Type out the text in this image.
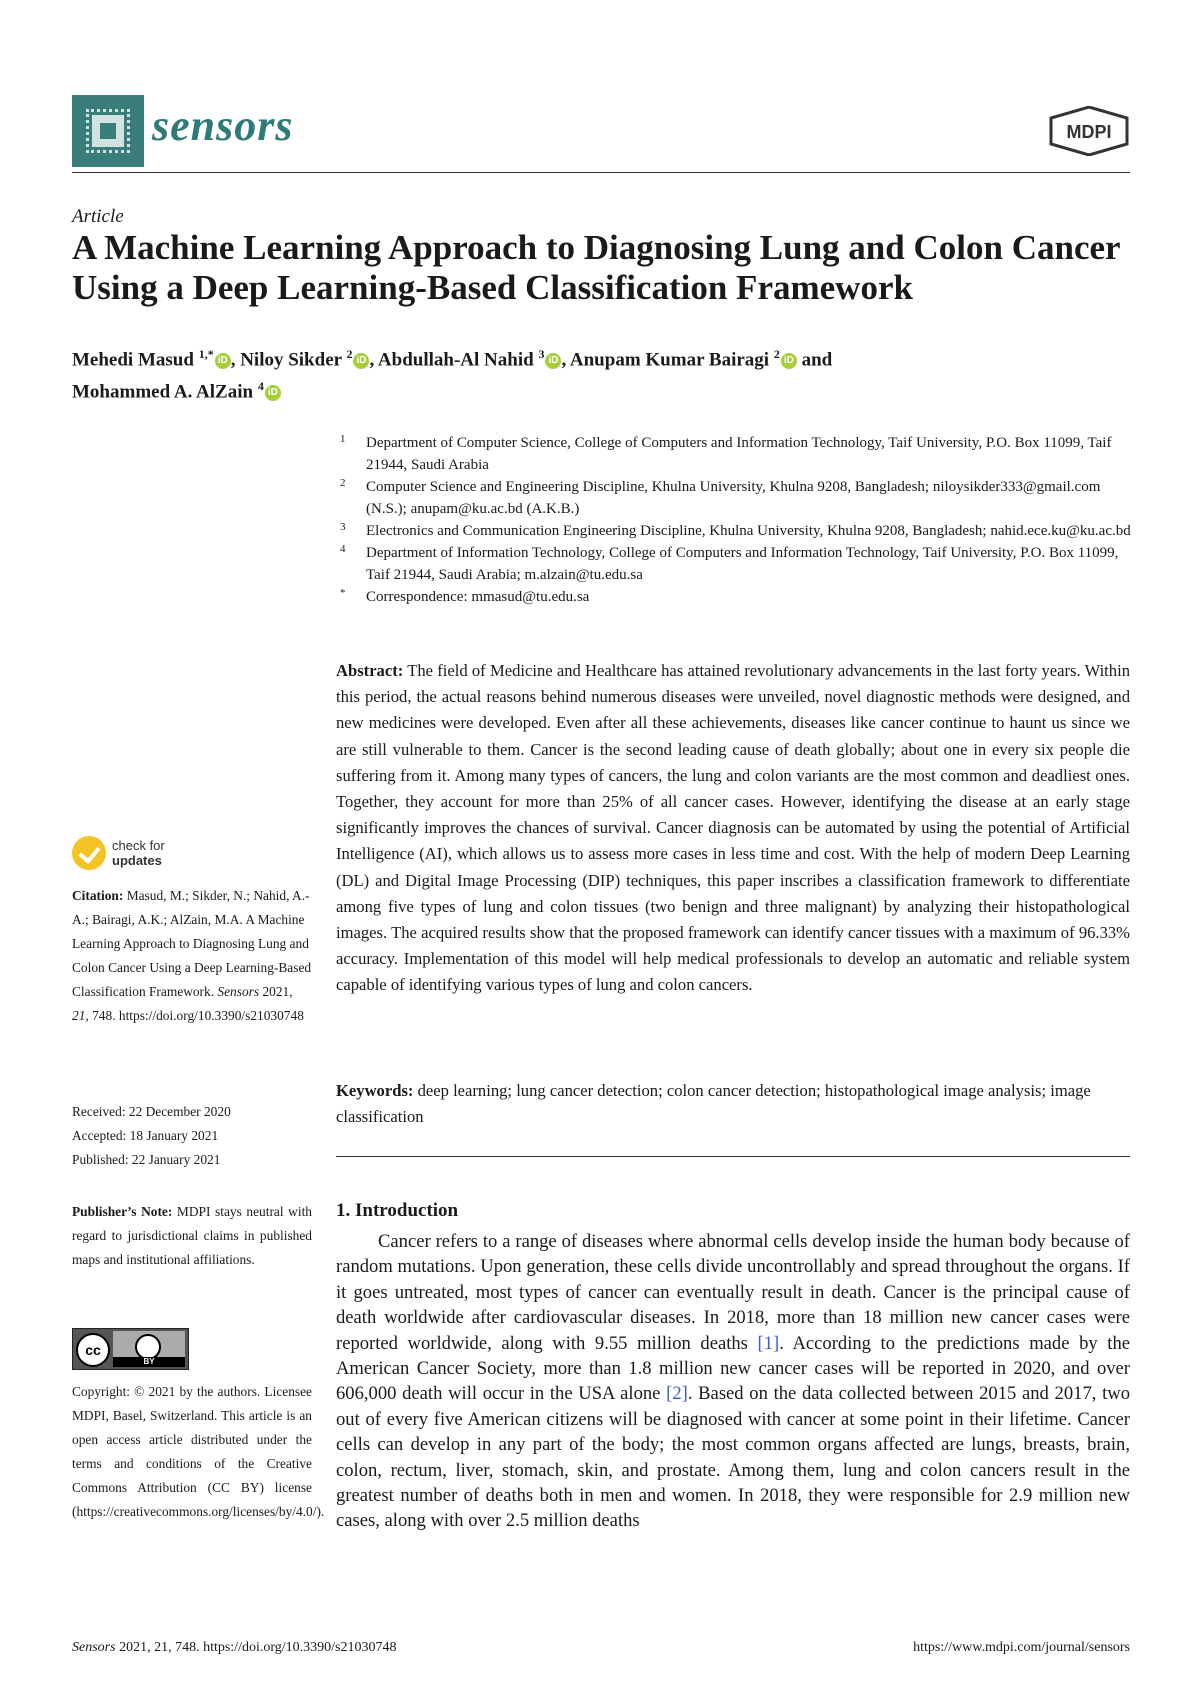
sensors	MDPI
Article
A Machine Learning Approach to Diagnosing Lung and Colon Cancer Using a Deep Learning-Based Classification Framework
Mehedi Masud $^{1,*}$ iD , Niloy Sikder $^2$ iD , Abdullah-Al Nahid $^3$ iD , Anupam Kumar Bairagi $^2$ iD and
Mohammed A. AlZain $^4$ iD
1 Department of Computer Science, College of Computers and Information Technology, Taif University, P.O. Box 11099, Taif 21944, Saudi Arabia
2 Computer Science and Engineering Discipline, Khulna University, Khulna 9208, Bangladesh; niloysikder333@gmail.com (N.S.); anupam@ku.ac.bd (A.K.B.)
3 Electronics and Communication Engineering Discipline, Khulna University, Khulna 9208, Bangladesh; nahid.ece.ku@ku.ac.bd
4 Department of Information Technology, College of Computers and Information Technology, Taif University, P.O. Box 11099, Taif 21944, Saudi Arabia; m.alzain@tu.edu.sa
* Correspondence: mmasud@tu.edu.sa
Abstract: The field of Medicine and Healthcare has attained revolutionary advancements in the last forty years. Within this period, the actual reasons behind numerous diseases were unveiled, novel diagnostic methods were designed, and new medicines were developed. Even after all these achievements, diseases like cancer continue to haunt us since we are still vulnerable to them. Cancer is the second leading cause of death globally; about one in every six people die suffering from it. Among many types of cancers, the lung and colon variants are the most common and deadliest ones. Together, they account for more than 25% of all cancer cases. However, identifying the disease at an early stage significantly improves the chances of survival. Cancer diagnosis can be automated by using the potential of Artificial Intelligence (AI), which allows us to assess more cases in less time and cost. With the help of modern Deep Learning (DL) and Digital Image Processing (DIP) techniques, this paper inscribes a classification framework to differentiate among five types of lung and colon tissues (two benign and three malignant) by analyzing their histopathological images. The acquired results show that the proposed framework can identify cancer tissues with a maximum of 96.33% accuracy. Implementation of this model will help medical professionals to develop an automatic and reliable system capable of identifying various types of lung and colon cancers.
Keywords: deep learning; lung cancer detection; colon cancer detection; histopathological image analysis; image classification
1. Introduction
Cancer refers to a range of diseases where abnormal cells develop inside the human body because of random mutations. Upon generation, these cells divide uncontrollably and spread throughout the organs. If it goes untreated, most types of cancer can eventually result in death. Cancer is the principal cause of death worldwide after cardiovascular diseases. In 2018, more than 18 million new cancer cases were reported worldwide, along with 9.55 million deaths [1]. According to the predictions made by the American Cancer Society, more than 1.8 million new cancer cases will be reported in 2020, and over 606,000 death will occur in the USA alone [2]. Based on the data collected between 2015 and 2017, two out of every five American citizens will be diagnosed with cancer at some point in their lifetime. Cancer cells can develop in any part of the body; the most common organs affected are lungs, breasts, brain, colon, rectum, liver, stomach, skin, and prostate. Among them, lung and colon cancers result in the greatest number of deaths both in men and women. In 2018, they were responsible for 2.9 million new cases, along with over 2.5 million deaths
check for
updates
Citation: Masud, M.; Sikder, N.; Nahid, A.-A.; Bairagi, A.K.; AlZain, M.A. A Machine Learning Approach to Diagnosing Lung and Colon Cancer Using a Deep Learning-Based Classification Framework. Sensors 2021, 21, 748. https://doi.org/10.3390/s21030748
Received: 22 December 2020
Accepted: 18 January 2021
Published: 22 January 2021
Publisher’s Note: MDPI stays neutral with regard to jurisdictional claims in published maps and institutional affiliations.
cc
BY
Copyright: © 2021 by the authors. Licensee MDPI, Basel, Switzerland. This article is an open access article distributed under the terms and conditions of the Creative Commons Attribution (CC BY) license (https://creativecommons.org/licenses/by/4.0/).
Sensors 2021, 21, 748. https://doi.org/10.3390/s21030748	https://www.mdpi.com/journal/sensors
